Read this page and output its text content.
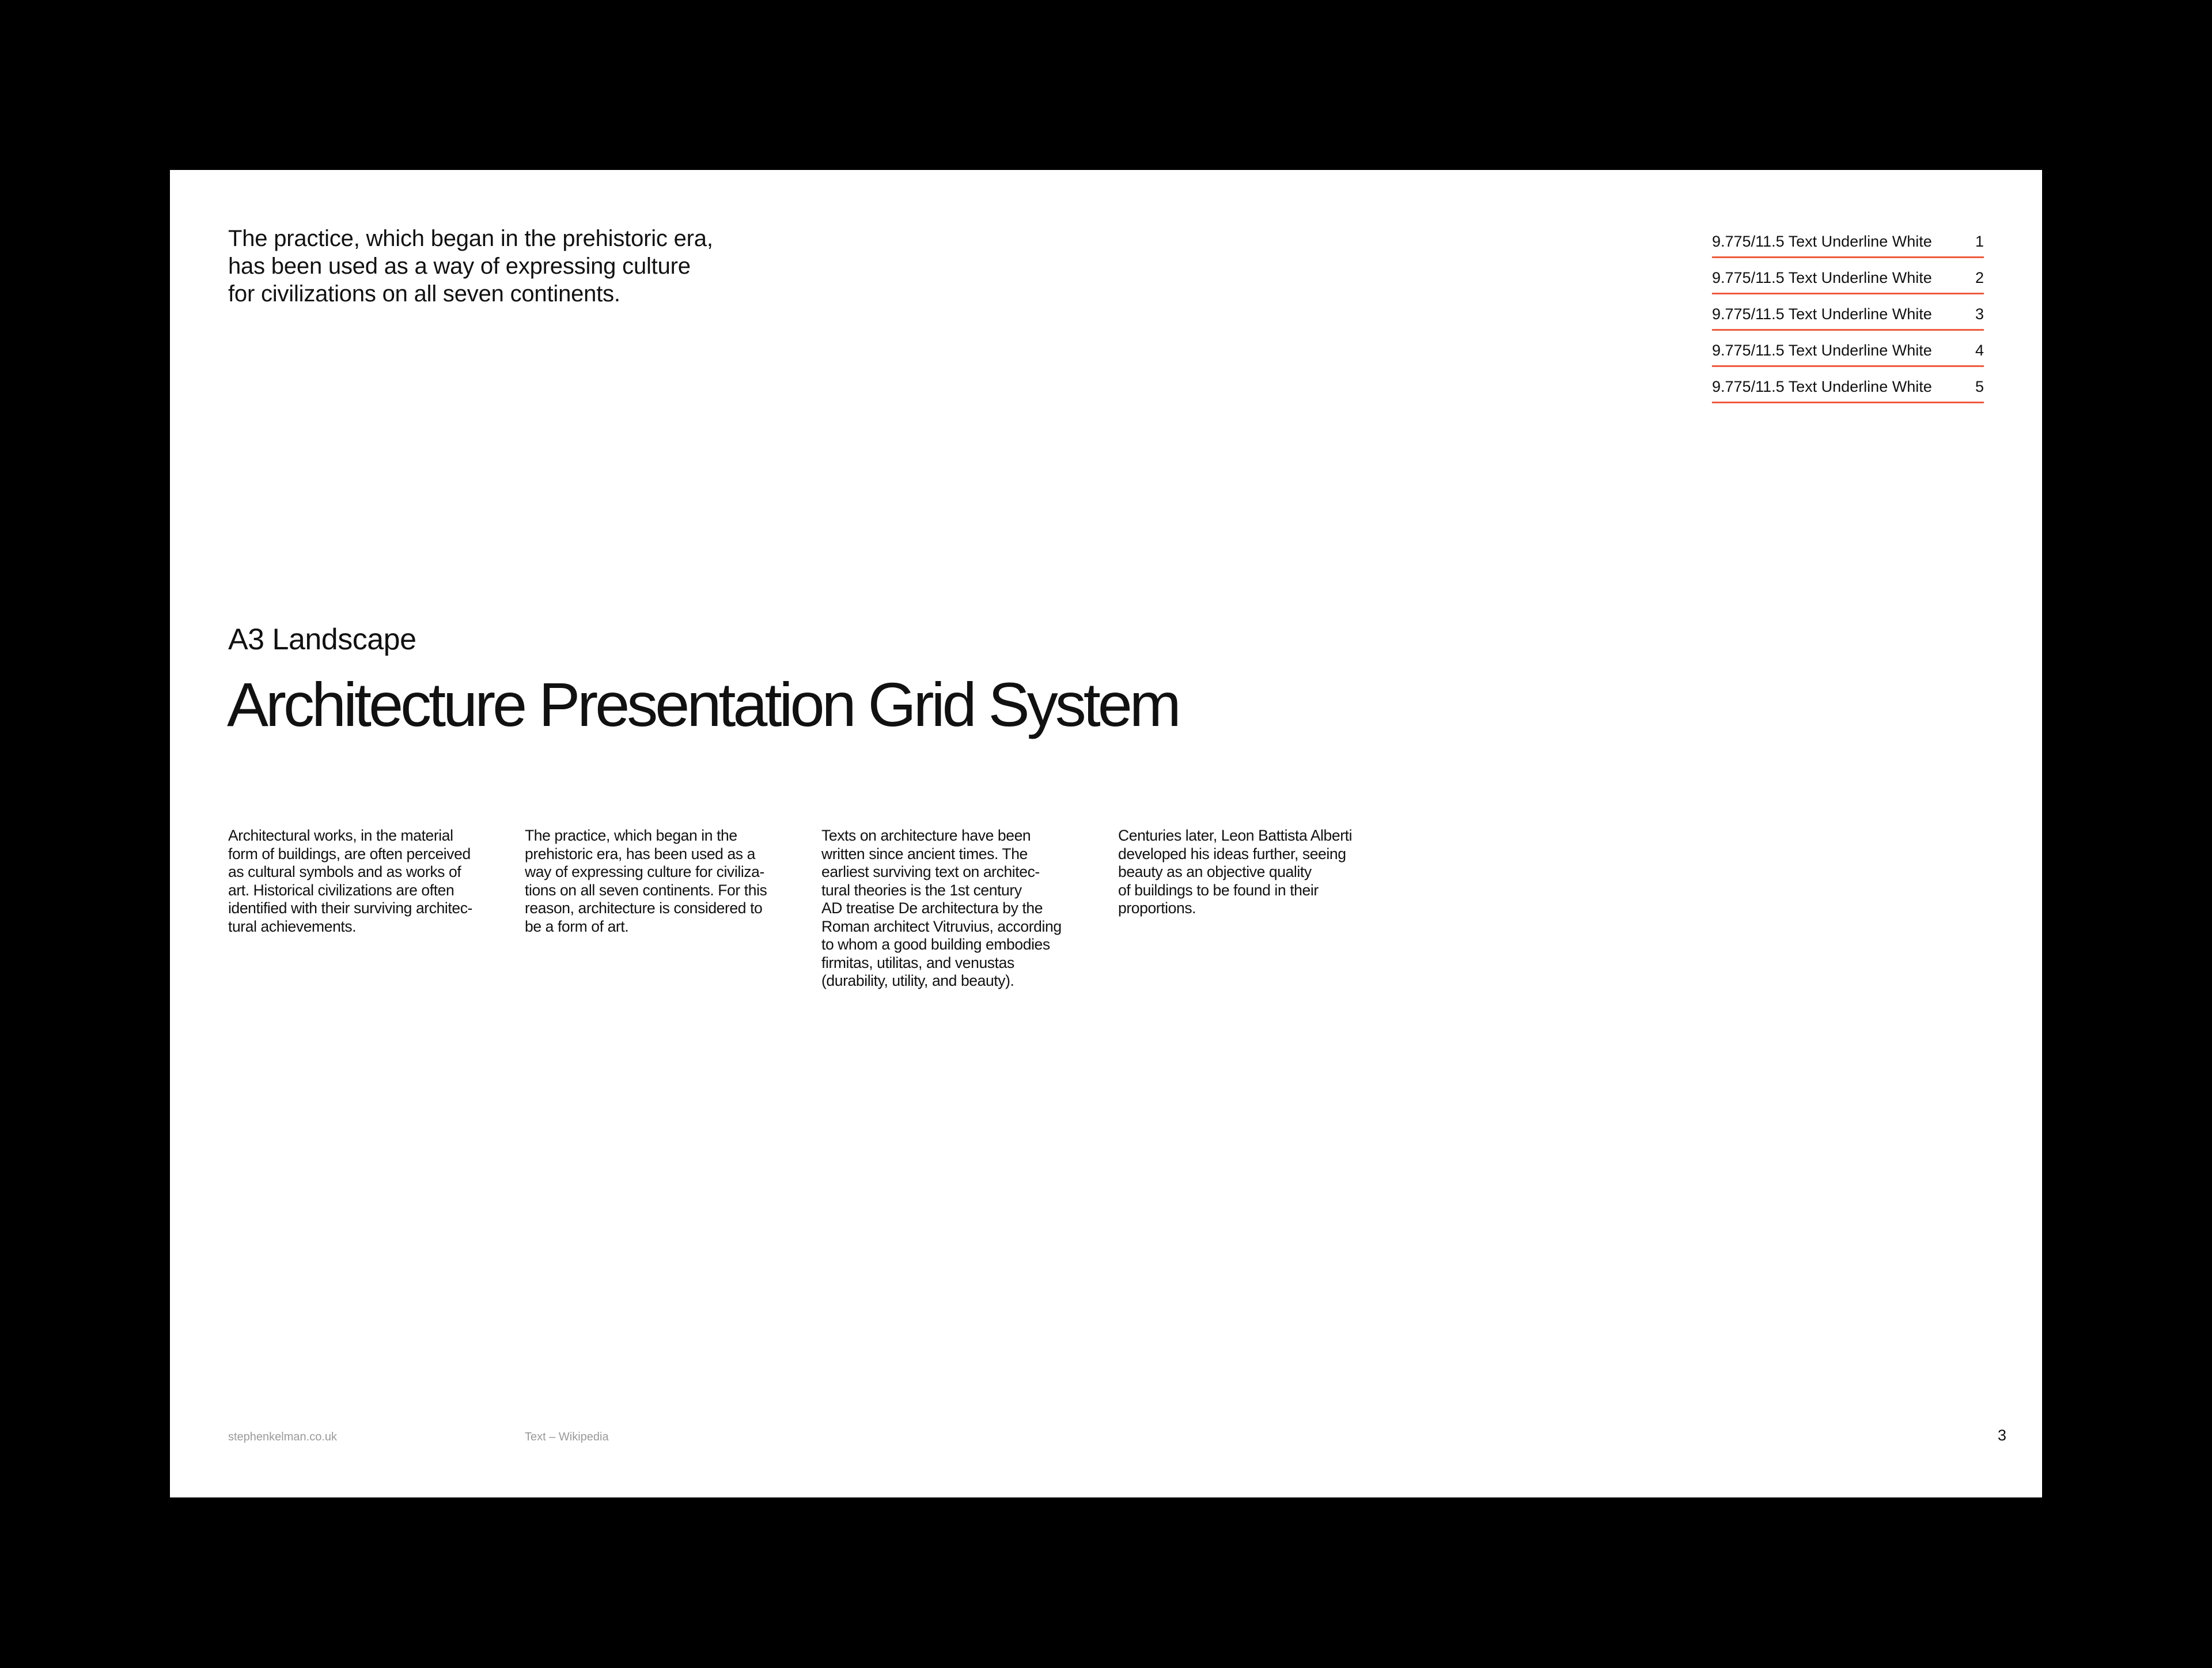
The practice, which began in the prehistoric era,
has been used as a way of expressing culture
for civilizations on all seven continents.

9.775/11.5 Text Underline White	1
9.775/11.5 Text Underline White	2
9.775/11.5 Text Underline White	3
9.775/11.5 Text Underline White	4
9.775/11.5 Text Underline White	5
A3 Landscape
Architecture Presentation Grid System

Architectural works, in the material
form of buildings, are often perceived
as cultural symbols and as works of
art. Historical civilizations are often
identified with their surviving architec-
tural achievements.

The practice, which began in the
prehistoric era, has been used as a
way of expressing culture for civiliza-
tions on all seven continents. For this
reason, architecture is considered to
be a form of art.

Texts on architecture have been
written since ancient times. The
earliest surviving text on architec-
tural theories is the 1st century
AD treatise De architectura by the
Roman architect Vitruvius, according
to whom a good building embodies
firmitas, utilitas, and venustas
(durability, utility, and beauty).

Centuries later, Leon Battista Alberti
developed his ideas further, seeing
beauty as an objective quality
of buildings to be found in their
proportions.

stephenkelman.co.uk	Text – Wikipedia	3
